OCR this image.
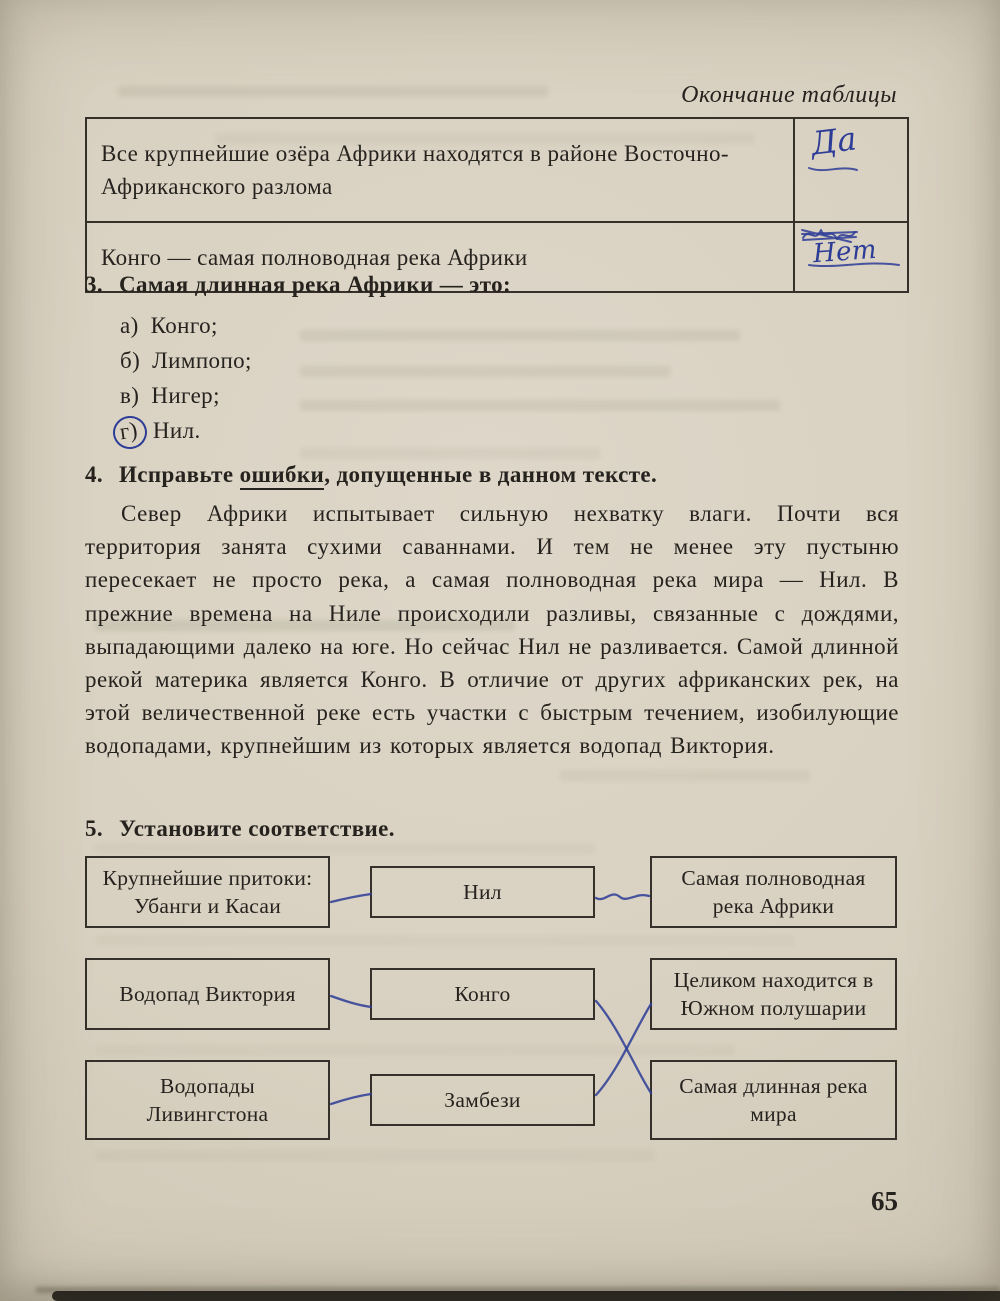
Окончание таблицы
Все крупнейшие озёра Африки находятся в районе Восточно-Африканского разлома	Да

Конго — самая полноводная река Африки	Нет
3. Самая длинная река Африки — это:
а) Конго;
б) Лимпопо;
в) Нигер;
г) Нил.
4. Исправьте ошибки, допущенные в данном тексте.

Север Африки испытывает сильную нехватку влаги. Почти вся территория занята сухими саваннами. И тем не менее эту пустыню пересекает не просто река, а самая полноводная река мира — Нил. В прежние времена на Ниле происходили разливы, связанные с дождями, выпадающими далеко на юге. Но сейчас Нил не разливается. Самой длинной рекой материка является Конго. В отличие от других африканских рек, на этой величественной реке есть участки с быстрым течением, изобилующие водопадами, крупнейшим из которых является водопад Виктория.

5. Установите соответствие.
Крупнейшие притоки: Убанги и Касаи
Нил
Самая полноводная река Африки
Водопад Виктория	Конго
Целиком находится в Южном полушарии
Водопады Ливингстона
Замбези
Самая длинная река мира
65
